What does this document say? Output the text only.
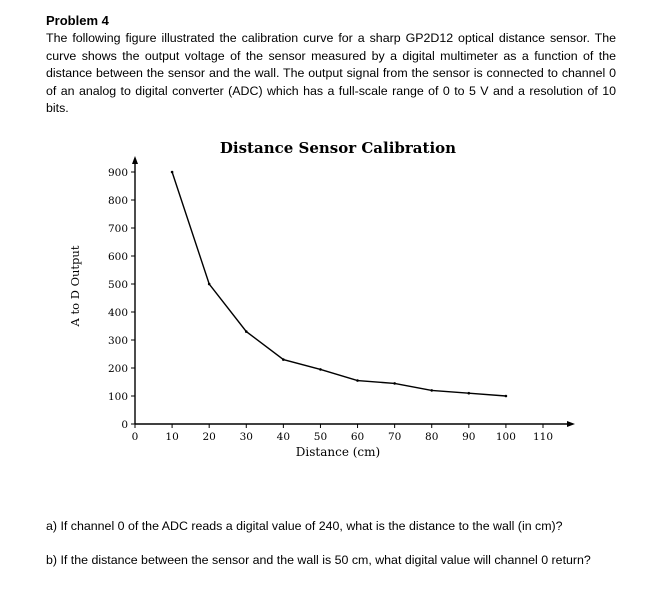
Problem 4
The following figure illustrated the calibration curve for a sharp GP2D12 optical distance sensor. The curve shows the output voltage of the sensor measured by a digital multimeter as a function of the distance between the sensor and the wall. The output signal from the sensor is connected to channel 0 of an analog to digital converter (ADC) which has a full-scale range of 0 to 5 V and a resolution of 10 bits.
Distance Sensor Calibration
A to D Output
Distance (cm)
0
100
200
300
400
500
600
700
800
900
0	10 20 30 40 50 60 70 80 90 100 110
a) If channel 0 of the ADC reads a digital value of 240, what is the distance to the wall (in cm)?
b) If the distance between the sensor and the wall is 50 cm, what digital value will channel 0 return?
